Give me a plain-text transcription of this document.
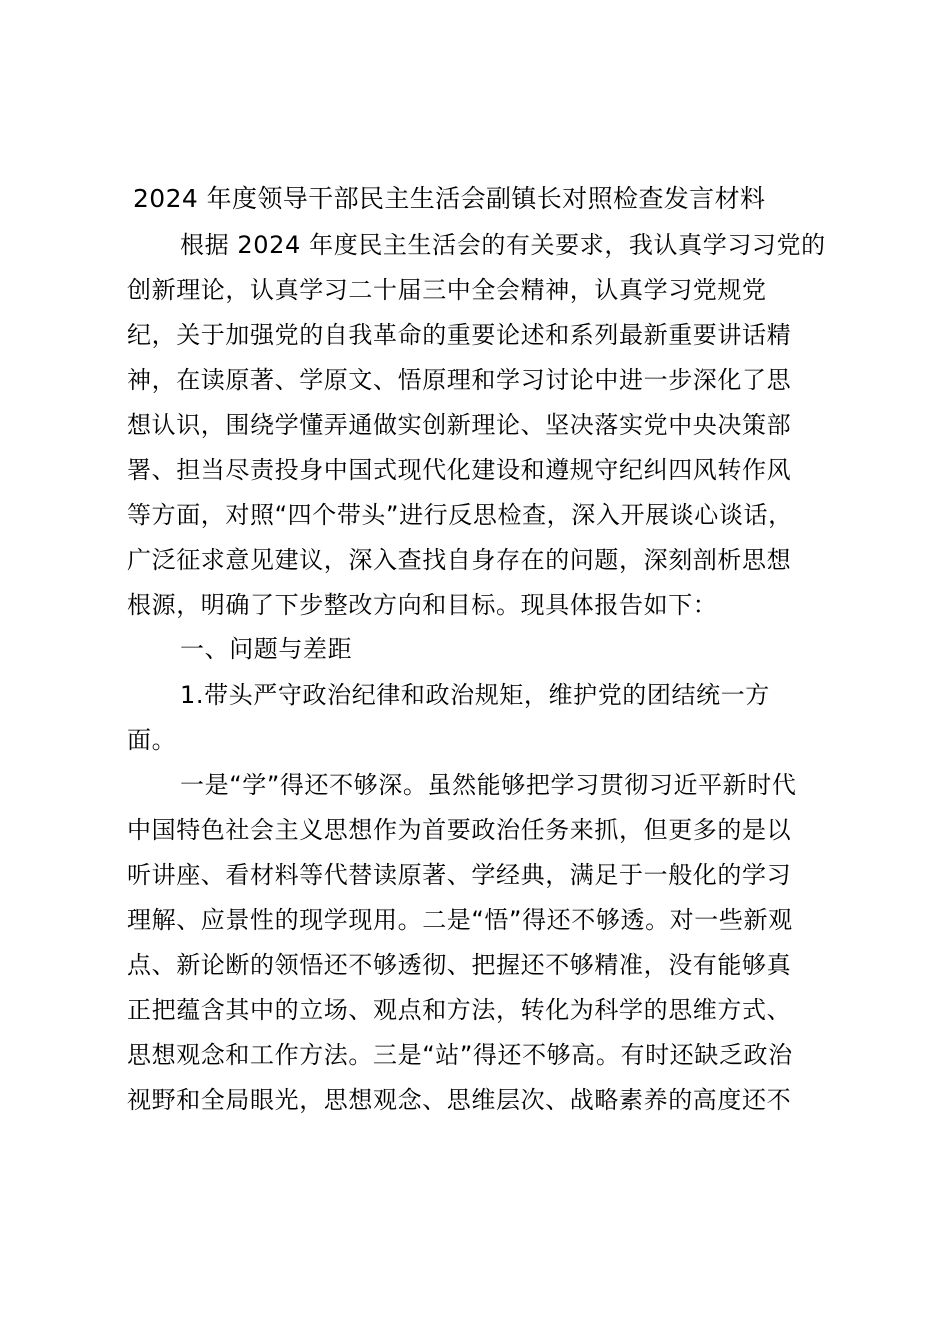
2024 年度领导干部民主生活会副镇长对照检查发言材料
根据 2024 年度民主生活会的有关要求，我认真学习习党的
创新理论，认真学习二十届三中全会精神，认真学习党规党
纪，关于加强党的自我革命的重要论述和系列最新重要讲话精
神，在读原著、学原文、悟原理和学习讨论中进一步深化了思
想认识，围绕学懂弄通做实创新理论、坚决落实党中央决策部
署、担当尽责投身中国式现代化建设和遵规守纪纠四风转作风
等方面，对照“四个带头”进行反思检查，深入开展谈心谈话，
广泛征求意见建议，深入查找自身存在的问题，深刻剖析思想
根源，明确了下步整改方向和目标。现具体报告如下：
一、问题与差距
1.带头严守政治纪律和政治规矩，维护党的团结统一方
面。
一是“学”得还不够深。虽然能够把学习贯彻习近平新时代
中国特色社会主义思想作为首要政治任务来抓，但更多的是以
听讲座、看材料等代替读原著、学经典，满足于一般化的学习
理解、应景性的现学现用。二是“悟”得还不够透。对一些新观
点、新论断的领悟还不够透彻、把握还不够精准，没有能够真
正把蕴含其中的立场、观点和方法，转化为科学的思维方式、
思想观念和工作方法。三是“站”得还不够高。有时还缺乏政治
视野和全局眼光，思想观念、思维层次、战略素养的高度还不
